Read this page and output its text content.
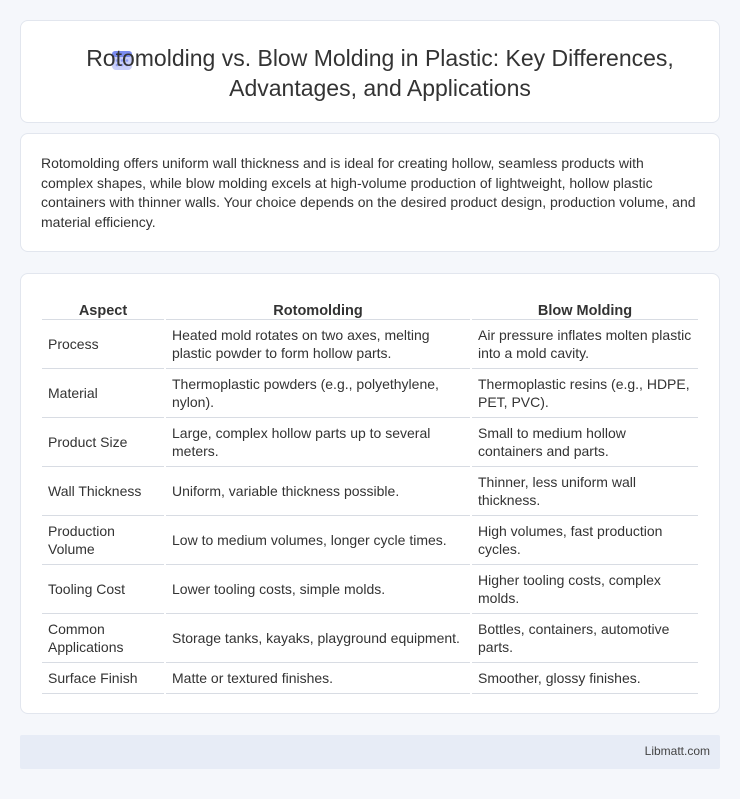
Rotomolding vs. Blow Molding in Plastic: Key Differences, Advantages, and Applications

Rotomolding offers uniform wall thickness and is ideal for creating hollow, seamless products with complex shapes, while blow molding excels at high-volume production of lightweight, hollow plastic containers with thinner walls. Your choice depends on the desired product design, production volume, and material efficiency.

Aspect	Rotomolding	Blow Molding
Process	Heated mold rotates on two axes, melting plastic powder to form hollow parts.	Air pressure inflates molten plastic into a mold cavity.
Material	Thermoplastic powders (e.g., polyethylene, nylon).	Thermoplastic resins (e.g., HDPE, PET, PVC).
Product Size	Large, complex hollow parts up to several meters.	Small to medium hollow containers and parts.
Wall Thickness	Uniform, variable thickness possible.	Thinner, less uniform wall thickness.
Production Volume	Low to medium volumes, longer cycle times.	High volumes, fast production cycles.
Tooling Cost	Lower tooling costs, simple molds.	Higher tooling costs, complex molds.
Common Applications	Storage tanks, kayaks, playground equipment.	Bottles, containers, automotive parts.
Surface Finish	Matte or textured finishes.	Smoother, glossy finishes.
Libmatt.com
